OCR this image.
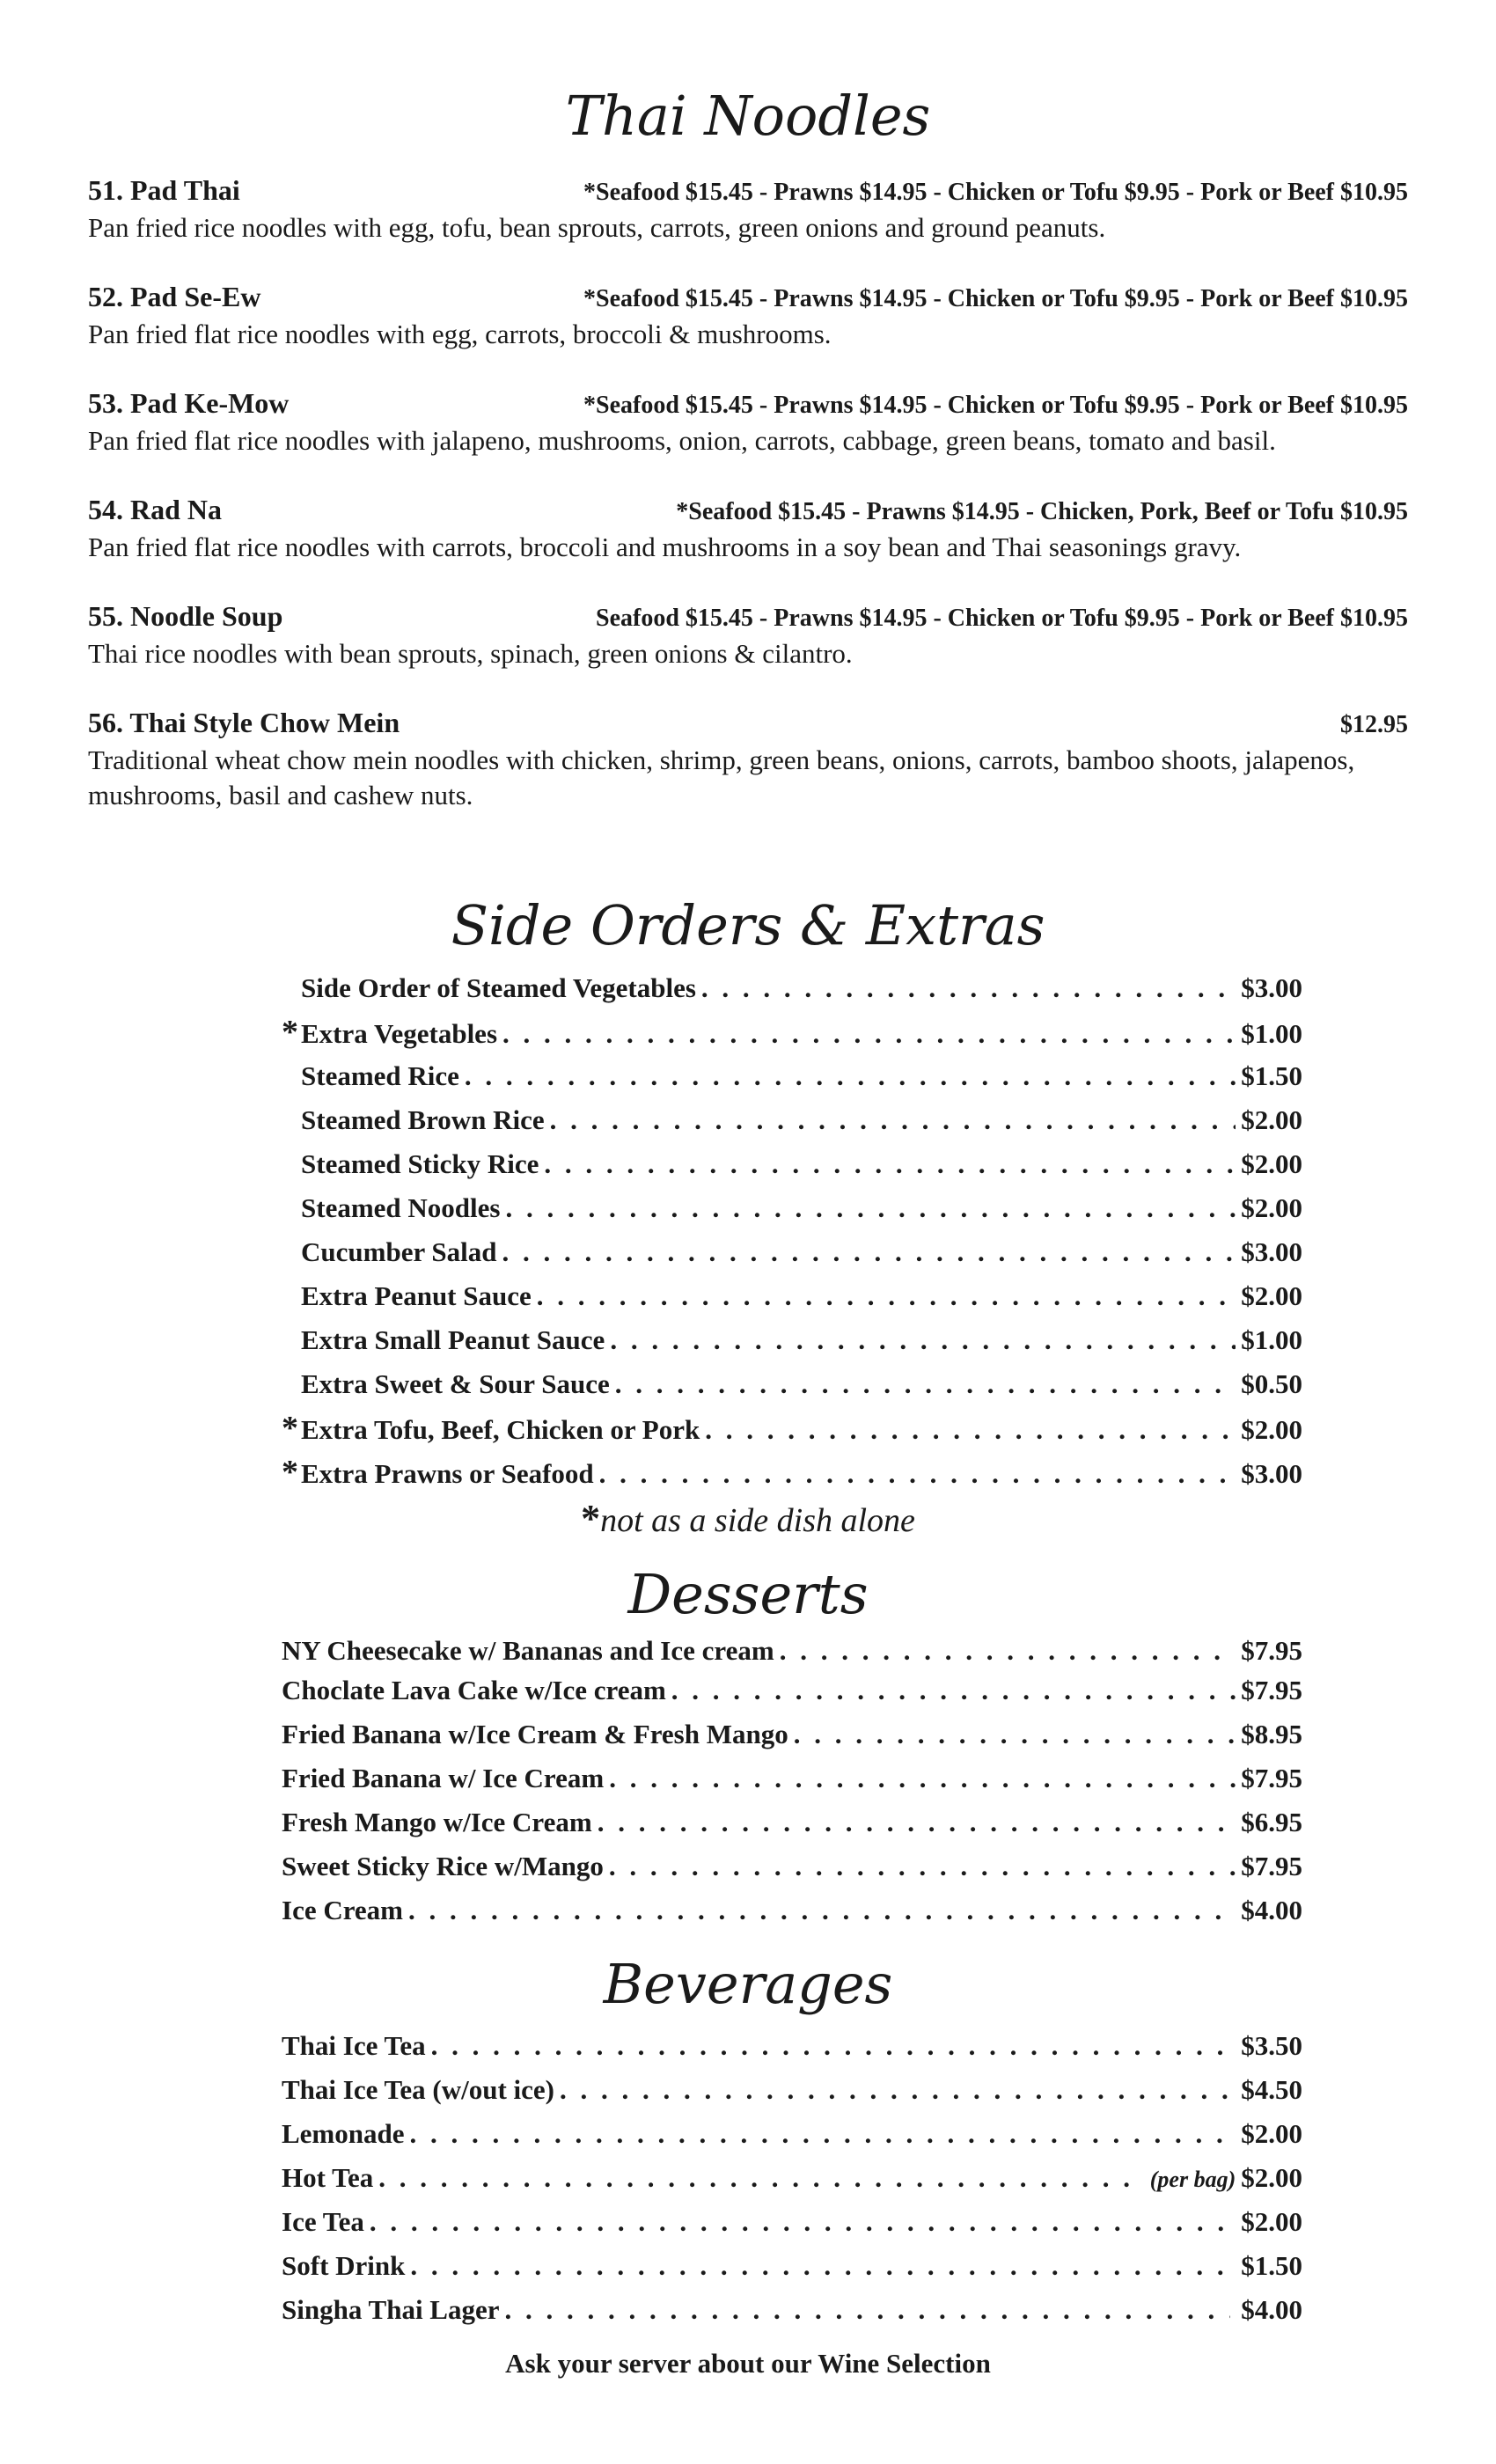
Thai Noodles
51. Pad Thai	*Seafood $15.45 - Prawns $14.95 - Chicken or Tofu $9.95 - Pork or Beef $10.95
Pan fried rice noodles with egg, tofu, bean sprouts, carrots, green onions and ground peanuts.
52. Pad Se-Ew	*Seafood $15.45 - Prawns $14.95 - Chicken or Tofu $9.95 - Pork or Beef $10.95
Pan fried flat rice noodles with egg, carrots, broccoli & mushrooms.
53. Pad Ke-Mow	*Seafood $15.45 - Prawns $14.95 - Chicken or Tofu $9.95 - Pork or Beef $10.95
Pan fried flat rice noodles with jalapeno, mushrooms, onion, carrots, cabbage, green beans, tomato and basil.
54. Rad Na	*Seafood $15.45 - Prawns $14.95 - Chicken, Pork, Beef or Tofu $10.95
Pan fried flat rice noodles with carrots, broccoli and mushrooms in a soy bean and Thai seasonings gravy.
55. Noodle Soup	Seafood $15.45 - Prawns $14.95 - Chicken or Tofu $9.95 - Pork or Beef $10.95
Thai rice noodles with bean sprouts, spinach, green onions & cilantro.
56. Thai Style Chow Mein	$12.95
Traditional wheat chow mein noodles with chicken, shrimp, green beans, onions, carrots, bamboo shoots, jalapenos, mushrooms, basil and cashew nuts.
Side Orders & Extras
Side Order of Steamed Vegetables . . .	$3.00
* Extra Vegetables . . .	$1.00
Steamed Rice . . .	$1.50
Steamed Brown Rice . . .	$2.00
Steamed Sticky Rice . . .	$2.00
Steamed Noodles . . .	$2.00
Cucumber Salad . . .	$3.00
Extra Peanut Sauce . . .	$2.00
Extra Small Peanut Sauce . . .	$1.00
Extra Sweet & Sour Sauce . . .	$0.50
* Extra Tofu, Beef, Chicken or Pork . . .	$2.00
* Extra Prawns or Seafood . . .	$3.00
*not as a side dish alone
Desserts
NY Cheesecake w/ Bananas and Ice cream . . .	$7.95
Choclate Lava Cake w/Ice cream . . .	$7.95
Fried Banana w/Ice Cream & Fresh Mango . . .	$8.95
Fried Banana w/ Ice Cream . . .	$7.95
Fresh Mango w/Ice Cream . . .	$6.95
Sweet Sticky Rice w/Mango . . .	$7.95
Ice Cream . . .	$4.00
Beverages
Thai Ice Tea . . .	$3.50
Thai Ice Tea (w/out ice) . . .	$4.50
Lemonade . . .	$2.00
Hot Tea . . .	(per bag) $2.00
Ice Tea . . .	$2.00
Soft Drink . . .	$1.50
Singha Thai Lager . . .	$4.00
Ask your server about our Wine Selection
